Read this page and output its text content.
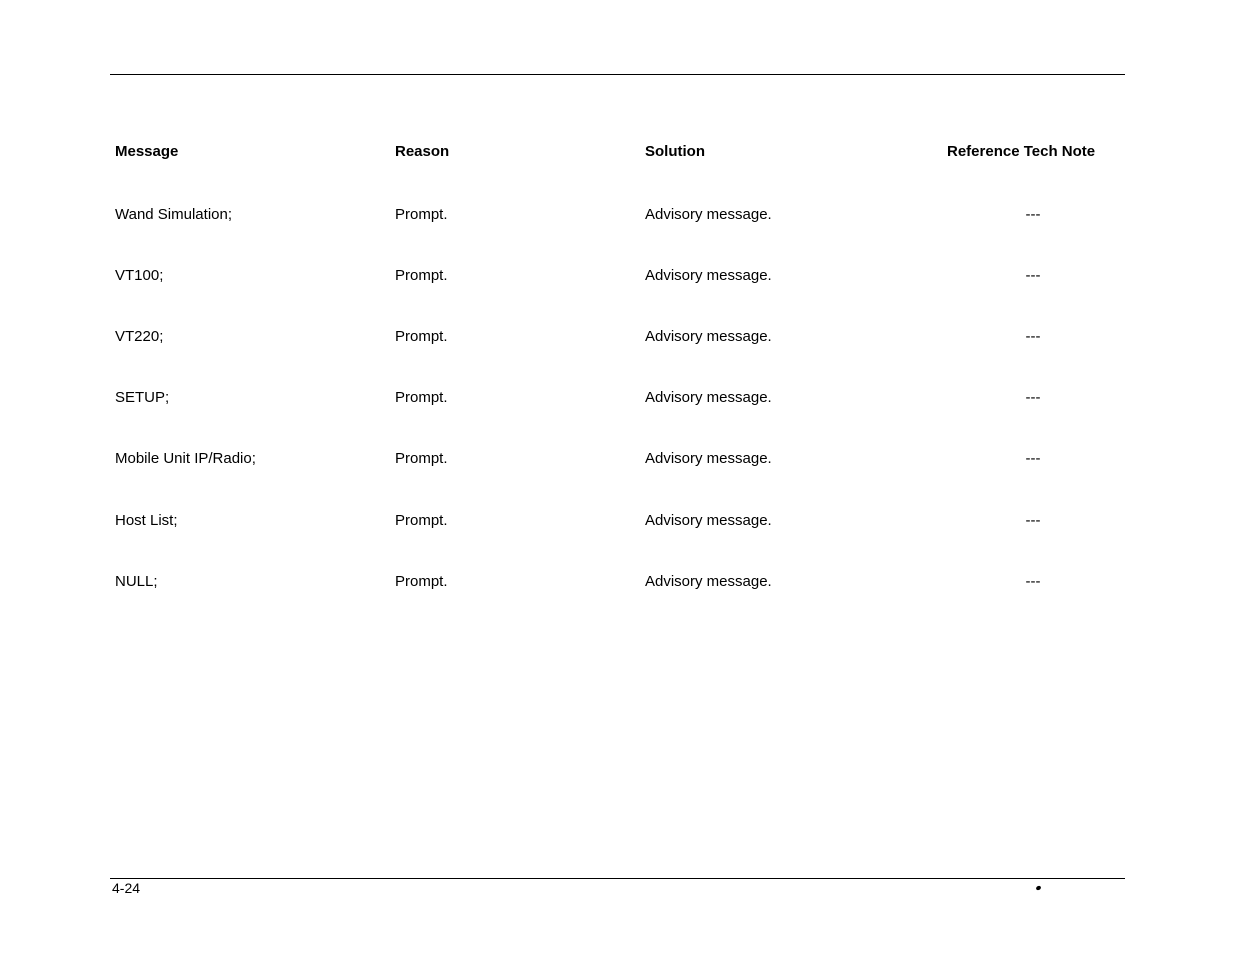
Message	Reason	Solution	Reference Tech Note
Wand Simulation;	Prompt.	Advisory message.	---
VT100;	Prompt.	Advisory message.	---
VT220;	Prompt.	Advisory message.	---
SETUP;	Prompt.	Advisory message.	---
Mobile Unit IP/Radio;	Prompt.	Advisory message.	---
Host List;	Prompt.	Advisory message.	---
NULL;	Prompt.	Advisory message.	---
4-24
